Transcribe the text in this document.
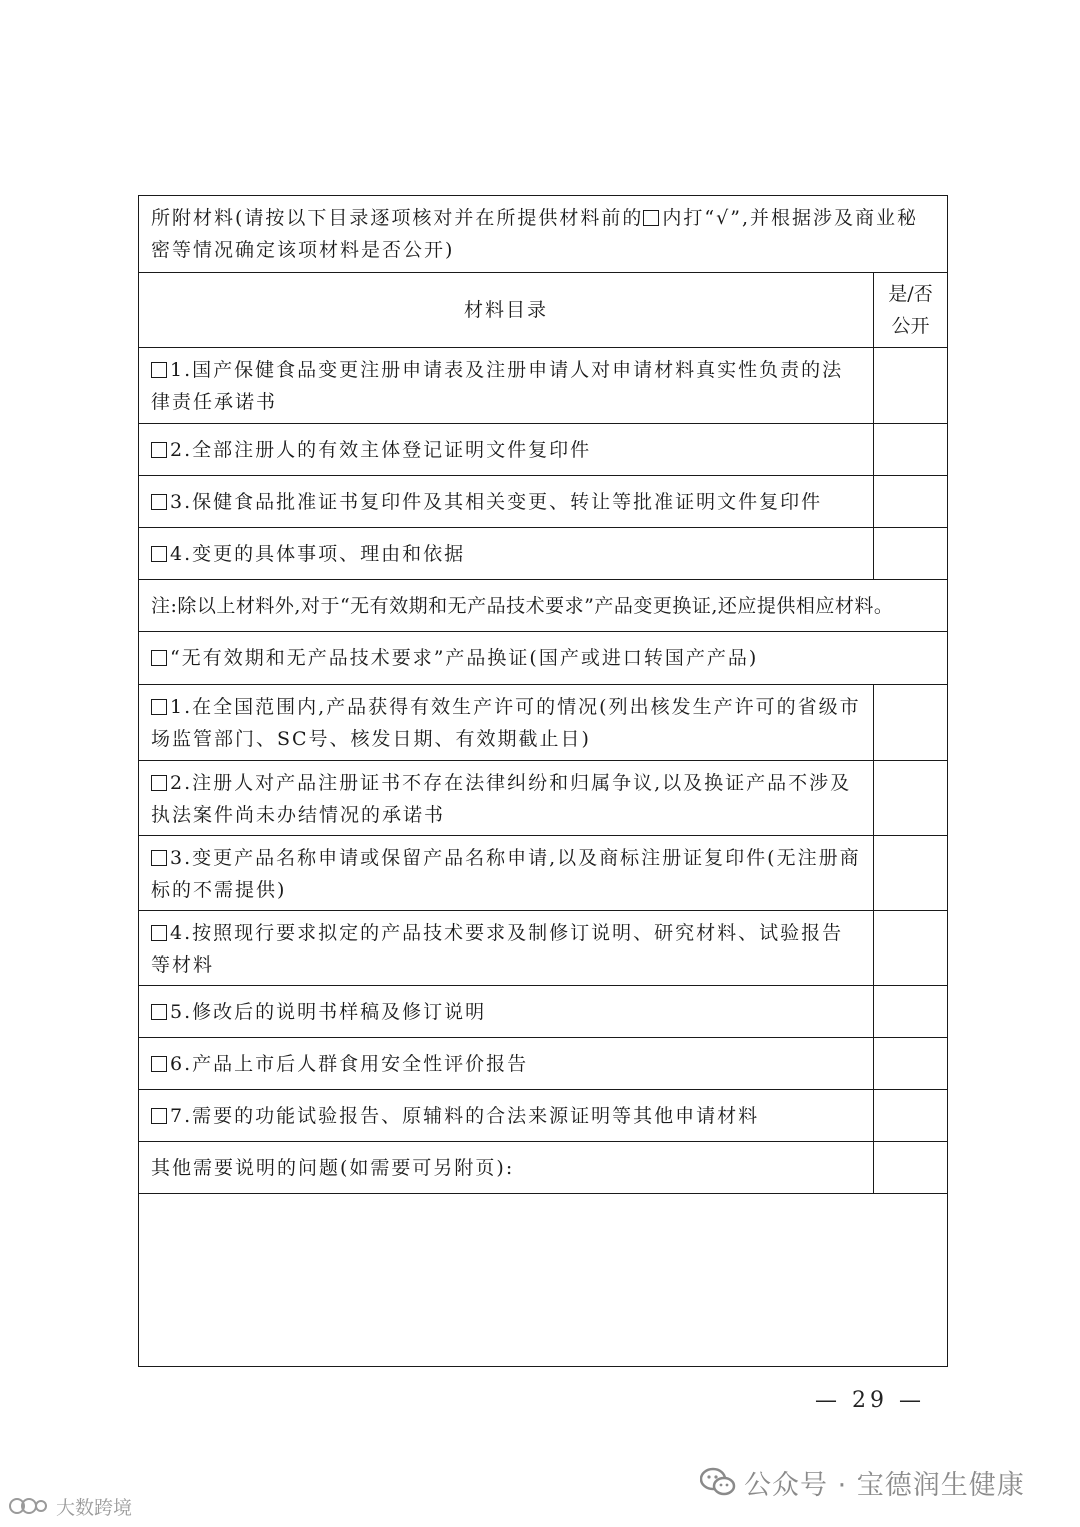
所附材料(请按以下目录逐项核对并在所提供材料前的 内打“√”,并根据涉及商业秘密等情况确定该项材料是否公开)
材料目录
是/否
公开
1.国产保健食品变更注册申请表及注册申请人对申请材料真实性负责的法律责任承诺书
2.全部注册人的有效主体登记证明文件复印件
3.保健食品批准证书复印件及其相关变更、转让等批准证明文件复印件
4.变更的具体事项、理由和依据
注:除以上材料外,对于“无有效期和无产品技术要求”产品变更换证,还应提供相应材料。
“无有效期和无产品技术要求”产品换证(国产或进口转国产产品)
1.在全国范围内,产品获得有效生产许可的情况(列出核发生产许可的省级市场监管部门、SC号、核发日期、有效期截止日)
2.注册人对产品注册证书不存在法律纠纷和归属争议,以及换证产品不涉及执法案件尚未办结情况的承诺书
3.变更产品名称申请或保留产品名称申请,以及商标注册证复印件(无注册商标的不需提供)
4.按照现行要求拟定的产品技术要求及制修订说明、研究材料、试验报告等材料
5.修改后的说明书样稿及修订说明
6.产品上市后人群食用安全性评价报告
7.需要的功能试验报告、原辅料的合法来源证明等其他申请材料
其他需要说明的问题(如需要可另附页):
— 29 —
公众号 · 宝德润生健康
大数跨境
